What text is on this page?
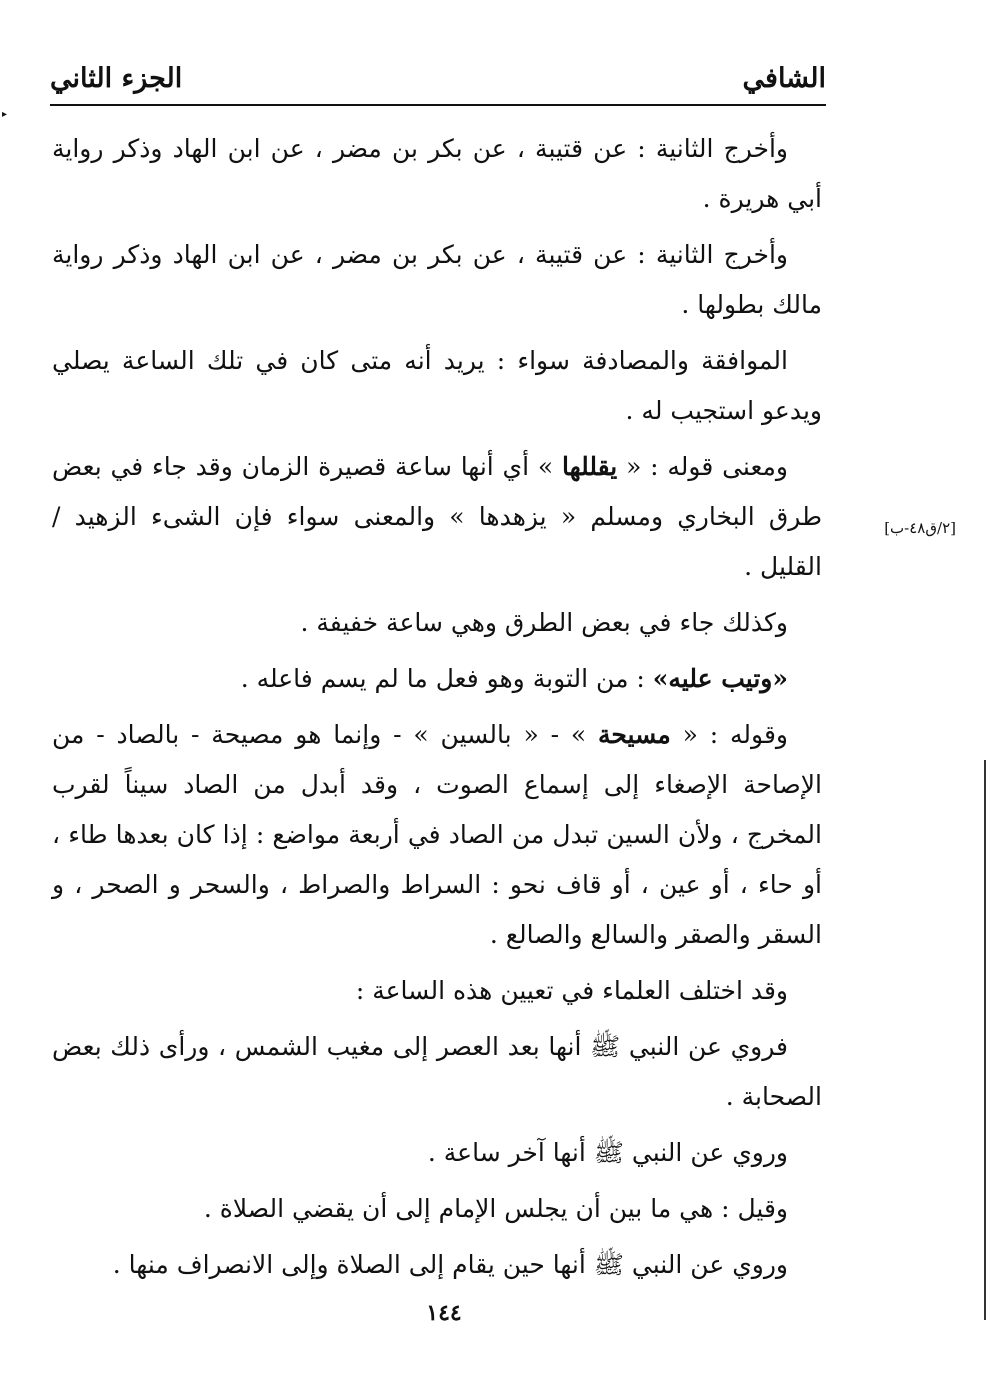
الشافي
الجزء الثاني
▸
[٢/ق٤٨-ب]

وأخرج الثانية : عن قتيبة ، عن بكر بن مضر ، عن ابن الهاد وذكر رواية أبي هريرة .

وأخرج الثانية : عن قتيبة ، عن بكر بن مضر ، عن ابن الهاد وذكر رواية مالك بطولها .

الموافقة والمصادفة سواء : يريد أنه متى كان في تلك الساعة يصلي ويدعو استجيب له .

ومعنى قوله : « يقللها » أي أنها ساعة قصيرة الزمان وقد جاء في بعض طرق البخاري ومسلم « يزهدها » والمعنى سواء فإن الشىء الزهيد / القليل .

وكذلك جاء في بعض الطرق وهي ساعة خفيفة .

«وتيب عليه» : من التوبة وهو فعل ما لم يسم فاعله .

وقوله : « مسيحة » - « بالسين » - وإنما هو مصيحة - بالصاد - من الإصاحة الإصغاء إلى إسماع الصوت ، وقد أبدل من الصاد سيناً لقرب المخرج ، ولأن السين تبدل من الصاد في أربعة مواضع : إذا كان بعدها طاء ، أو حاء ، أو عين ، أو قاف نحو : السراط والصراط ، والسحر و الصحر ، و السقر والصقر والسالع والصالع .

وقد اختلف العلماء في تعيين هذه الساعة :

فروي عن النبي ﷺ أنها بعد العصر إلى مغيب الشمس ، ورأى ذلك بعض الصحابة .

وروي عن النبي ﷺ أنها آخر ساعة .

وقيل : هي ما بين أن يجلس الإمام إلى أن يقضي الصلاة .

وروي عن النبي ﷺ أنها حين يقام إلى الصلاة وإلى الانصراف منها .

١٤٤
